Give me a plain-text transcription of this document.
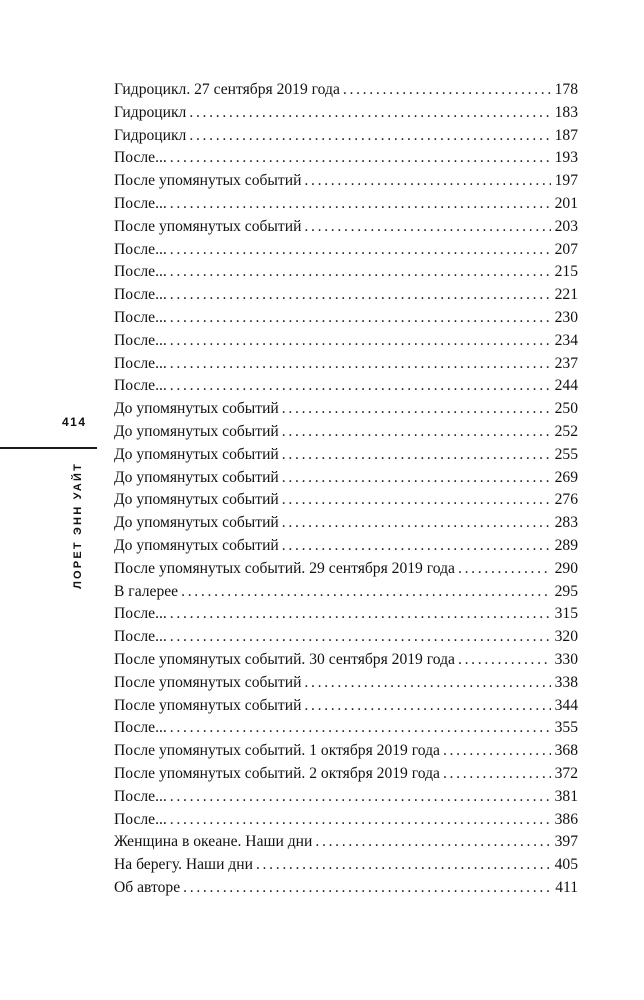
414
ЛОРЕТ ЭНН УАЙТ
Гидроцикл. 27 сентября 2019 года . . .	178
Гидроцикл . . .	183
Гидроцикл . . .	187
После... . . .	193
После упомянутых событий . . .	197
После... . . .	201
После упомянутых событий . . .	203
После... . . .	207
После... . . .	215
После... . . .	221
После... . . .	230
После... . . .	234
После... . . .	237
После... . . .	244
До упомянутых событий . . .	250
До упомянутых событий . . .	252
До упомянутых событий . . .	255
До упомянутых событий . . .	269
До упомянутых событий . . .	276
До упомянутых событий . . .	283
До упомянутых событий . . .	289
После упомянутых событий. 29 сентября 2019 года . . .	290
В галерее . . .	295
После... . . .	315
После... . . .	320
После упомянутых событий. 30 сентября 2019 года . . .	330
После упомянутых событий . . .	338
После упомянутых событий . . .	344
После... . . .	355
После упомянутых событий. 1 октября 2019 года . . .	368
После упомянутых событий. 2 октября 2019 года . . .	372
После... . . .	381
После... . . .	386
Женщина в океане. Наши дни . . .	397
На берегу. Наши дни . . .	405
Об авторе . . .	411
